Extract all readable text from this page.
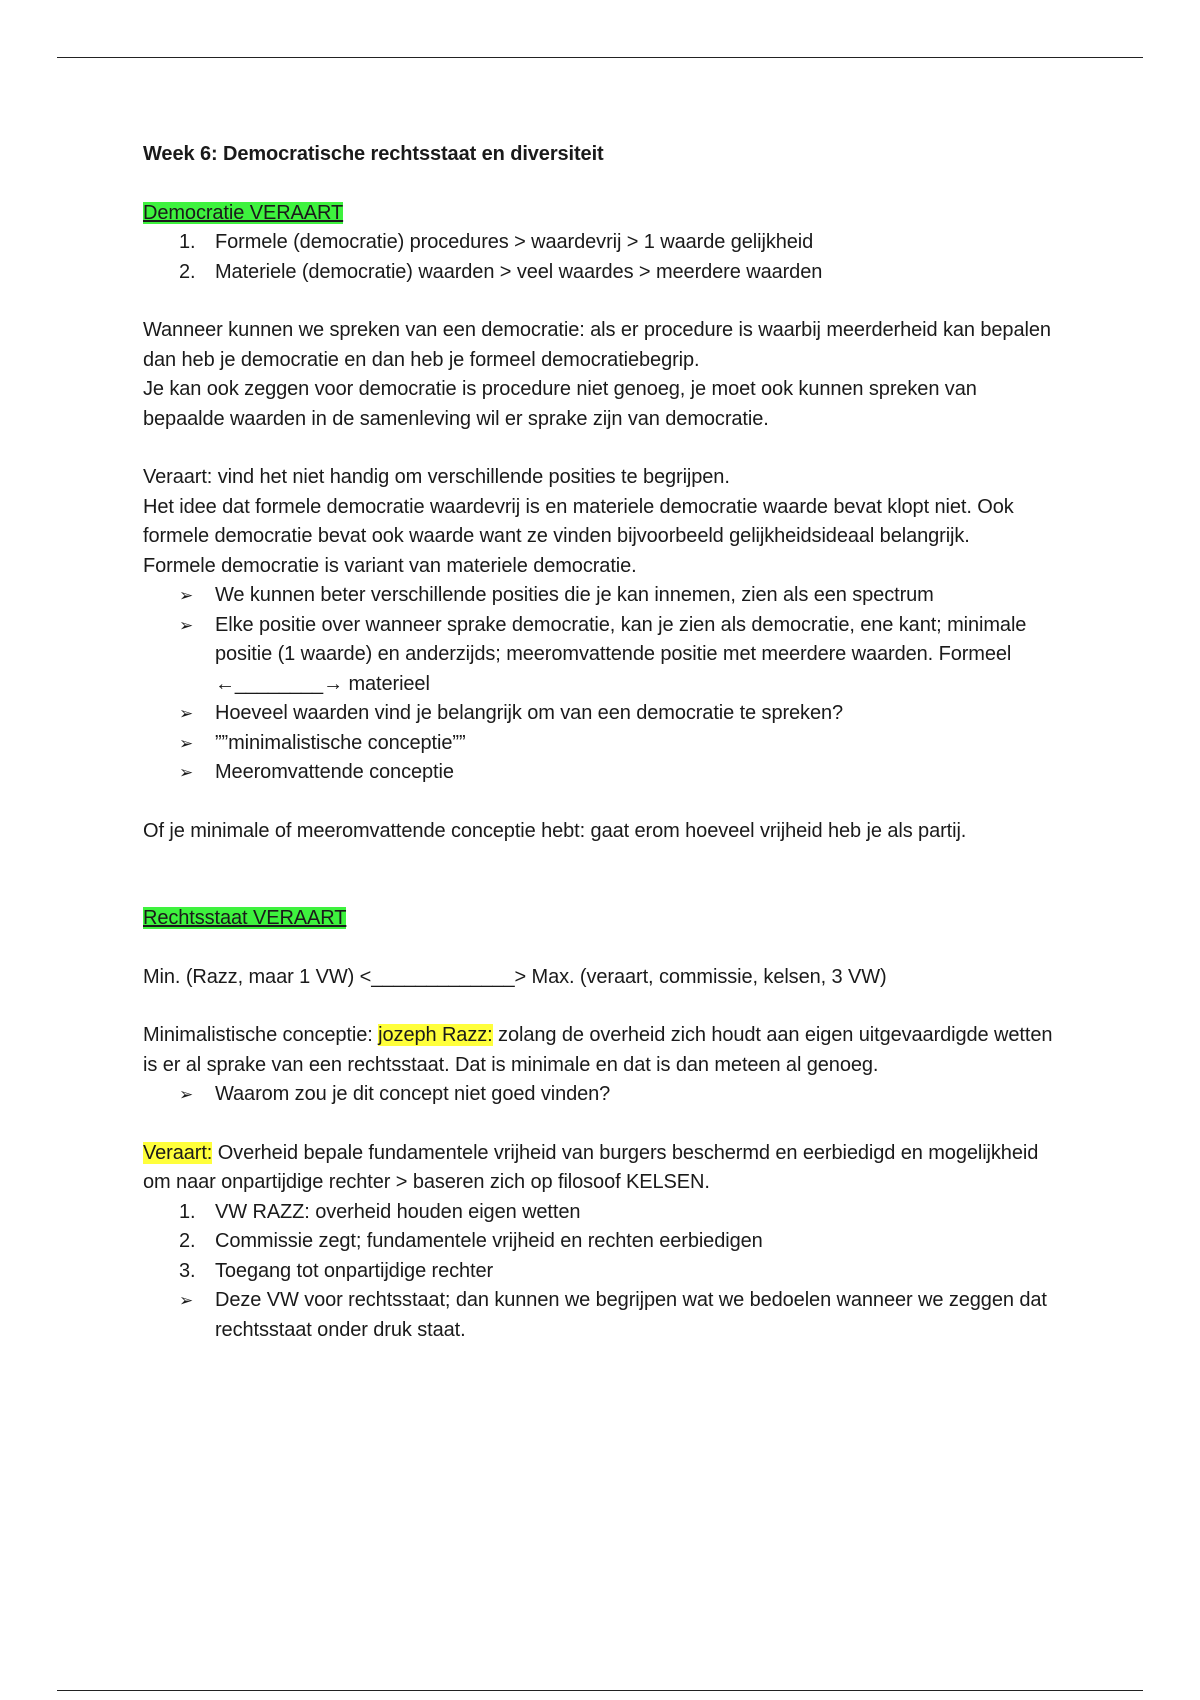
Week 6: Democratische rechtsstaat en diversiteit

Democratie VERAART

1. Formele (democratie) procedures > waardevrij > 1 waarde gelijkheid
2. Materiele (democratie) waarden > veel waardes > meerdere waarden

Wanneer kunnen we spreken van een democratie: als er procedure is waarbij meerderheid kan bepalen dan heb je democratie en dan heb je formeel democratiebegrip.

Je kan ook zeggen voor democratie is procedure niet genoeg, je moet ook kunnen spreken van bepaalde waarden in de samenleving wil er sprake zijn van democratie.

Veraart: vind het niet handig om verschillende posities te begrijpen.

Het idee dat formele democratie waardevrij is en materiele democratie waarde bevat klopt niet. Ook formele democratie bevat ook waarde want ze vinden bijvoorbeeld gelijkheidsideaal belangrijk.

Formele democratie is variant van materiele democratie.

➢	We kunnen beter verschillende posities die je kan innemen, zien als een spectrum
➢	Elke positie over wanneer sprake democratie, kan je zien als democratie, ene kant; minimale positie (1 waarde) en anderzijds; meeromvattende positie met meerdere waarden. Formeel ←________→ materieel
➢	Hoeveel waarden vind je belangrijk om van een democratie te spreken?
➢	””minimalistische conceptie””
➢	Meeromvattende conceptie

Of je minimale of meeromvattende conceptie hebt: gaat erom hoeveel vrijheid heb je als partij.

Rechtsstaat VERAART

Min. (Razz, maar 1 VW) <_____________> Max. (veraart, commissie, kelsen, 3 VW)

Minimalistische conceptie: jozeph Razz: zolang de overheid zich houdt aan eigen uitgevaardigde wetten is er al sprake van een rechtsstaat. Dat is minimale en dat is dan meteen al genoeg.

➢	Waarom zou je dit concept niet goed vinden?

Veraart: Overheid bepale fundamentele vrijheid van burgers beschermd en eerbiedigd en mogelijkheid om naar onpartijdige rechter > baseren zich op filosoof KELSEN.

1. VW RAZZ: overheid houden eigen wetten
2. Commissie zegt; fundamentele vrijheid en rechten eerbiedigen
3. Toegang tot onpartijdige rechter
➢	Deze VW voor rechtsstaat; dan kunnen we begrijpen wat we bedoelen wanneer we zeggen dat rechtsstaat onder druk staat.
